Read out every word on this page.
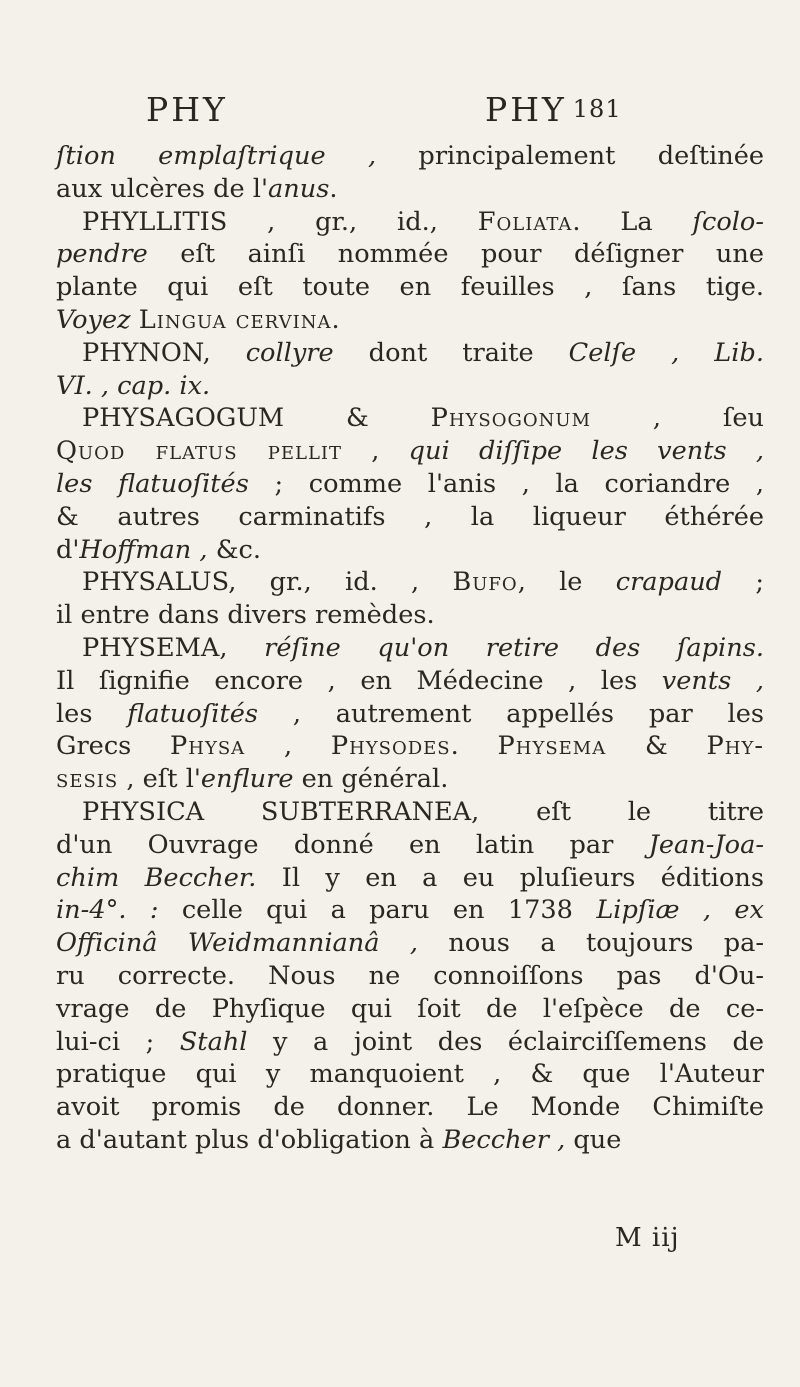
PHY	PHY 181
ſtion emplaſtrique , principalement deſtinée
aux ulcères de l'anus.
PHYLLITIS , gr., id., Foliata. La ſcolo-
pendre eſt ainſi nommée pour déſigner une
plante qui eſt toute en feuilles , ſans tige.
Voyez Lingua cervina.
PHYNON, collyre dont traite Celſe , Lib.
VI. , cap. ix.
PHYSAGOGUM & Physogonum , ſeu
Quod flatus pellit , qui diſſipe les vents ,
les flatuoſités ; comme l'anis , la coriandre ,
& autres carminatifs , la liqueur éthérée
d'Hoffman , &c.
PHYSALUS, gr., id. , Bufo, le crapaud ;
il entre dans divers remèdes.
PHYSEMA, réſine qu'on retire des ſapins.
Il ſignifie encore , en Médecine , les vents ,
les flatuoſités , autrement appellés par les
Grecs Physa , Physodes. Physema & Phy-
sesis , eſt l'enflure en général.
PHYSICA SUBTERRANEA, eſt le titre
d'un Ouvrage donné en latin par Jean-Joa-
chim Beccher. Il y en a eu pluſieurs éditions
in-4°. : celle qui a paru en 1738 Lipſiæ , ex
Officinâ Weidmannianâ , nous a toujours pa-
ru correcte. Nous ne connoiſſons pas d'Ou-
vrage de Phyſique qui ſoit de l'eſpèce de ce-
lui-ci ; Stahl y a joint des éclairciſſemens de
pratique qui y manquoient , & que l'Auteur
avoit promis de donner. Le Monde Chimiſte
a d'autant plus d'obligation à Beccher , que
M iij
